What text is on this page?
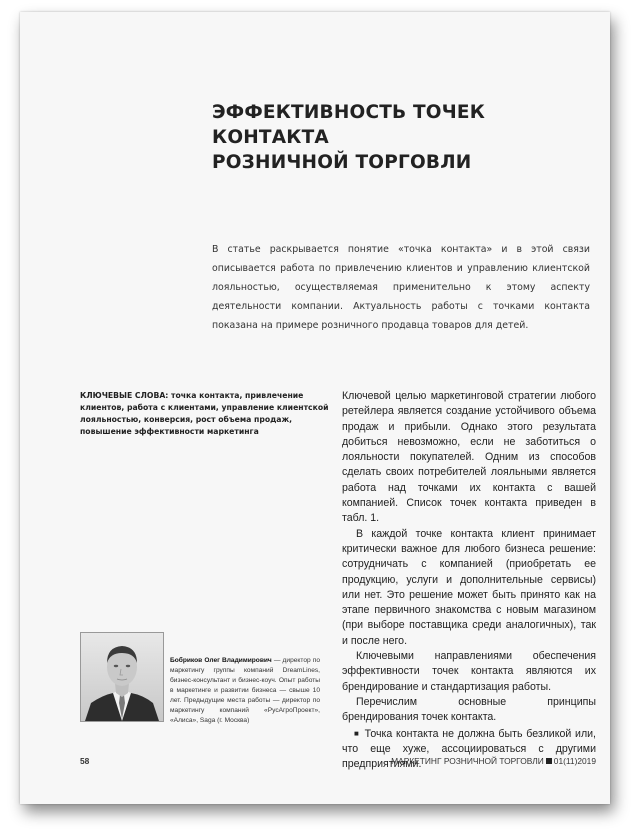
ЭФФЕКТИВНОСТЬ ТОЧЕК КОНТАКТА
РОЗНИЧНОЙ ТОРГОВЛИ
В статье раскрывается понятие «точка контакта» и в этой связи описывается работа по привлечению клиентов и управлению клиентской лояльностью, осуществляемая применительно к этому аспекту деятельности компании. Актуальность работы с точками контакта показана на примере розничного продавца товаров для детей.
КЛЮЧЕВЫЕ СЛОВА: точка контакта, привлечение клиентов, работа с клиентами, управление клиентской лояльностью, конверсия, рост объема продаж, повышение эффективности маркетинга

Ключевой целью маркетинговой стратегии любого ретейлера является создание устойчивого объема продаж и прибыли. Однако этого результата добиться невозможно, если не заботиться о лояльности покупателей. Одним из способов сделать своих потребителей лояльными является работа над точками их контакта с вашей компанией. Список точек контакта приведен в табл. 1.

В каждой точке контакта клиент принимает критически важное для любого бизнеса решение: сотрудничать с компанией (приобретать ее продукцию, услуги и дополнительные сервисы) или нет. Это решение может быть принято как на этапе первичного знакомства с новым магазином (при выборе поставщика среди аналогичных), так и после него.

Ключевыми направлениями обеспечения эффективности точек контакта являются их брендирование и стандартизация работы.

Перечислим основные принципы брендирования точек контакта.

■ Точка контакта не должна быть безликой или, что еще хуже, ассоциироваться с другими предприятиями.

Бобриков Олег Владимирович — директор по маркетингу группы компаний DreamLines, бизнес-консультант и бизнес-коуч. Опыт работы в маркетинге и развитии бизнеса — свыше 10 лет. Предыдущие места работы — директор по маркетингу компаний «РусАгроПроект», «Алиса», Saga (г. Москва)
58	МАРКЕТИНГ РОЗНИЧНОЙ ТОРГОВЛИ 01(11)2019
